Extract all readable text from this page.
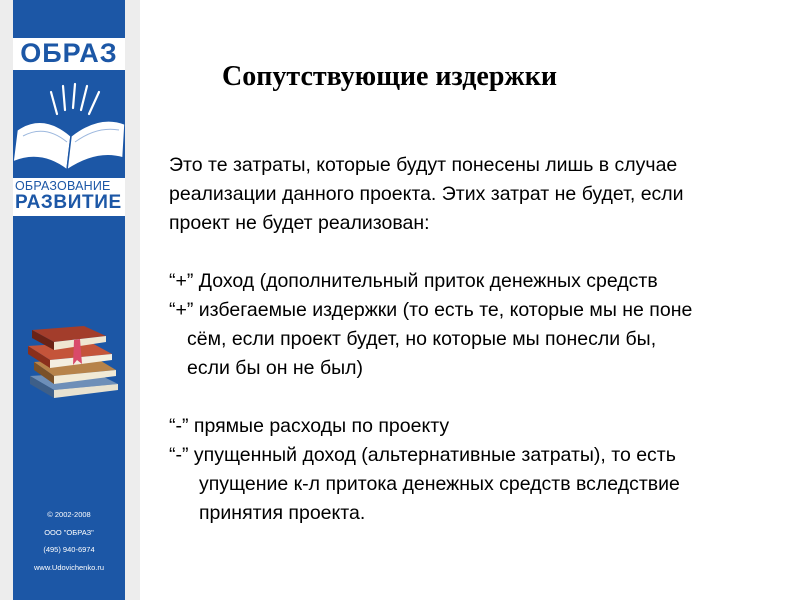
ОБРАЗ
ОБРАЗОВАНИЕ
РАЗВИТИЕ
© 2002-2008
ООО "ОБРАЗ"
(495) 940-6974
www.Udovichenko.ru
Сопутствующие издержки
Это те затраты, которые будут понесены лишь в случае
реализации данного проекта. Этих затрат не будет, если
проект не будет реализован:
“+” Доход (дополнительный приток денежных средств
“+” избегаемые издержки (то есть те, которые мы не поне
сём, если проект будет, но которые мы понесли бы,
если бы он не был)
“-” прямые расходы по проекту
“-” упущенный доход (альтернативные затраты), то есть
упущение к-л притока денежных средств вследствие
принятия проекта.
